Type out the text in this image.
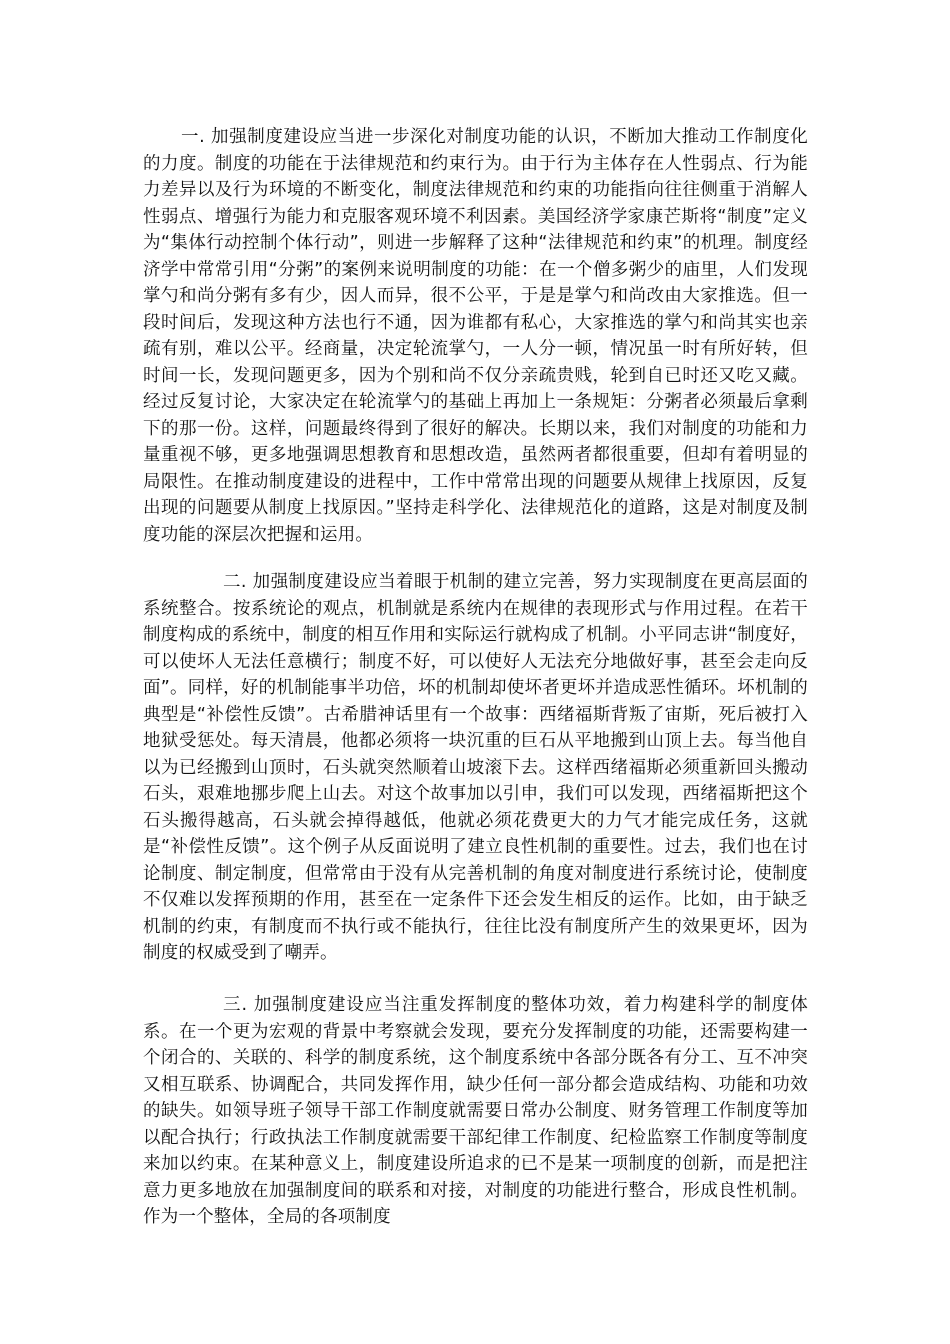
一. 加强制度建设应当进一步深化对制度功能的认识，不断加大推动工作制度化的力度。制度的功能在于法律规范和约束行为。由于行为主体存在人性弱点、行为能力差异以及行为环境的不断变化，制度法律规范和约束的功能指向往往侧重于消解人性弱点、增强行为能力和克服客观环境不利因素。美国经济学家康芒斯将“制度”定义为“集体行动控制个体行动”，则进一步解释了这种“法律规范和约束”的机理。制度经济学中常常引用“分粥”的案例来说明制度的功能：在一个僧多粥少的庙里，人们发现掌勺和尚分粥有多有少，因人而异，很不公平，于是是掌勺和尚改由大家推选。但一段时间后，发现这种方法也行不通，因为谁都有私心，大家推选的掌勺和尚其实也亲疏有别，难以公平。经商量，决定轮流掌勺，一人分一顿，情况虽一时有所好转，但时间一长，发现问题更多，因为个别和尚不仅分亲疏贵贱，轮到自已时还又吃又藏。经过反复讨论，大家决定在轮流掌勺的基础上再加上一条规矩：分粥者必须最后拿剩下的那一份。这样，问题最终得到了很好的解决。长期以来，我们对制度的功能和力量重视不够，更多地强调思想教育和思想改造，虽然两者都很重要，但却有着明显的局限性。在推动制度建设的进程中，工作中常常出现的问题要从规律上找原因，反复出现的问题要从制度上找原因。”坚持走科学化、法律规范化的道路，这是对制度及制度功能的深层次把握和运用。

二. 加强制度建设应当着眼于机制的建立完善，努力实现制度在更高层面的系统整合。按系统论的观点，机制就是系统内在规律的表现形式与作用过程。在若干制度构成的系统中，制度的相互作用和实际运行就构成了机制。小平同志讲“制度好，可以使坏人无法任意横行；制度不好，可以使好人无法充分地做好事，甚至会走向反面”。同样，好的机制能事半功倍，坏的机制却使坏者更坏并造成恶性循环。坏机制的典型是“补偿性反馈”。古希腊神话里有一个故事：西绪福斯背叛了宙斯，死后被打入地狱受惩处。每天清晨，他都必须将一块沉重的巨石从平地搬到山顶上去。每当他自以为已经搬到山顶时，石头就突然顺着山坡滚下去。这样西绪福斯必须重新回头搬动石头，艰难地挪步爬上山去。对这个故事加以引申，我们可以发现，西绪福斯把这个石头搬得越高，石头就会掉得越低，他就必须花费更大的力气才能完成任务，这就是“补偿性反馈”。这个例子从反面说明了建立良性机制的重要性。过去，我们也在讨论制度、制定制度，但常常由于没有从完善机制的角度对制度进行系统讨论，使制度不仅难以发挥预期的作用，甚至在一定条件下还会发生相反的运作。比如，由于缺乏机制的约束，有制度而不执行或不能执行，往往比没有制度所产生的效果更坏，因为制度的权威受到了嘲弄。

三. 加强制度建设应当注重发挥制度的整体功效，着力构建科学的制度体系。在一个更为宏观的背景中考察就会发现，要充分发挥制度的功能，还需要构建一个闭合的、关联的、科学的制度系统，这个制度系统中各部分既各有分工、互不冲突又相互联系、协调配合，共同发挥作用，缺少任何一部分都会造成结构、功能和功效的缺失。如领导班子领导干部工作制度就需要日常办公制度、财务管理工作制度等加以配合执行；行政执法工作制度就需要干部纪律工作制度、纪检监察工作制度等制度来加以约束。在某种意义上，制度建设所追求的已不是某一项制度的创新，而是把注意力更多地放在加强制度间的联系和对接，对制度的功能进行整合，形成良性机制。作为一个整体，全局的各项制度
